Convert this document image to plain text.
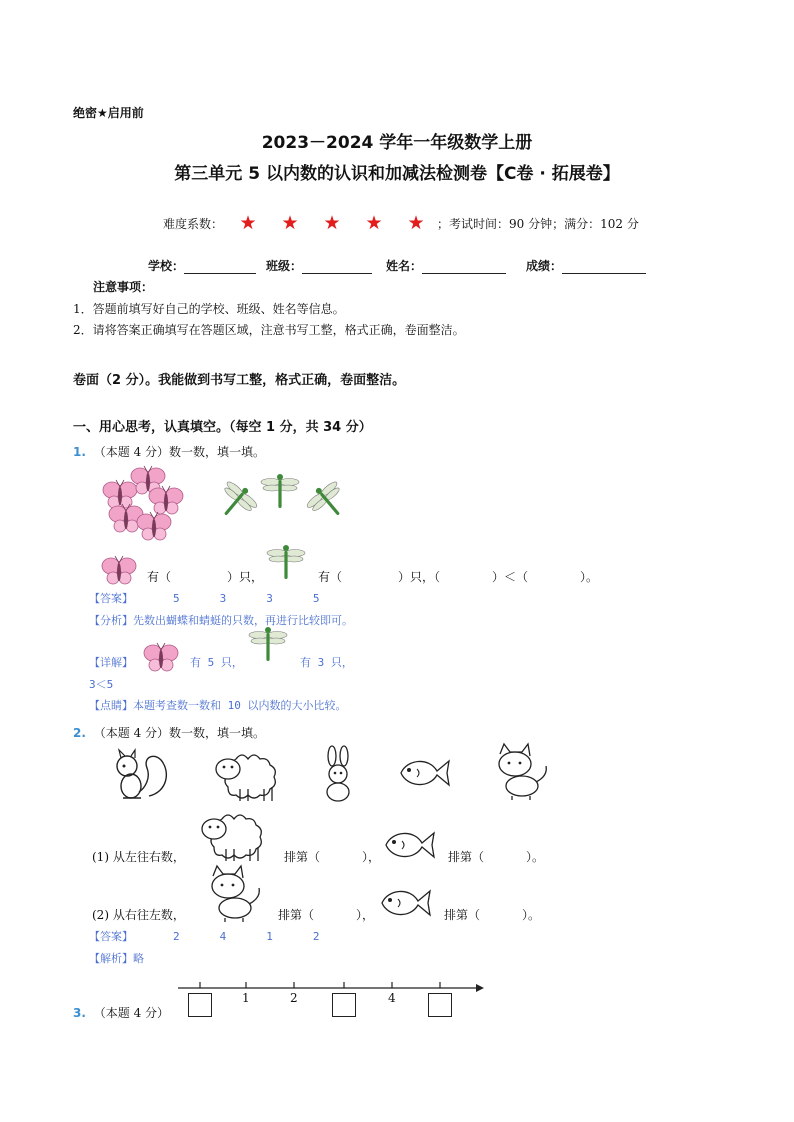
绝密★启用前
2023－2024 学年一年级数学上册
第三单元 5 以内数的认识和加减法检测卷【C卷 · 拓展卷】
难度系数： ★ ★ ★ ★ ★	；考试时间：90 分钟；满分：102 分
学校：	班级：	姓名：	成绩：
注意事项：
1．答题前填写好自己的学校、班级、姓名等信息。
2．请将答案正确填写在答题区域，注意书写工整，格式正确，卷面整洁。
卷面（2 分）。我能做到书写工整，格式正确，卷面整洁。
一、用心思考，认真填空。（每空 1 分，共 34 分）
1. （本题 4 分）数一数，填一填。
有（	）只，	有（	）只，（	）＜（	）。
【答案】	5	3	3	5
【分析】先数出蝴蝶和蜻蜓的只数，再进行比较即可。
【详解】	有 5 只，	有 3 只，
3＜5
【点睛】本题考查数一数和 10 以内数的大小比较。
2. （本题 4 分）数一数，填一填。
(1) 从左往右数，	排第（	），	排第（	）。
(2) 从右往左数，	排第（	），	排第（	）。
【答案】	2	4	1	2
【解析】略
1	2	4
3. （本题 4 分）
